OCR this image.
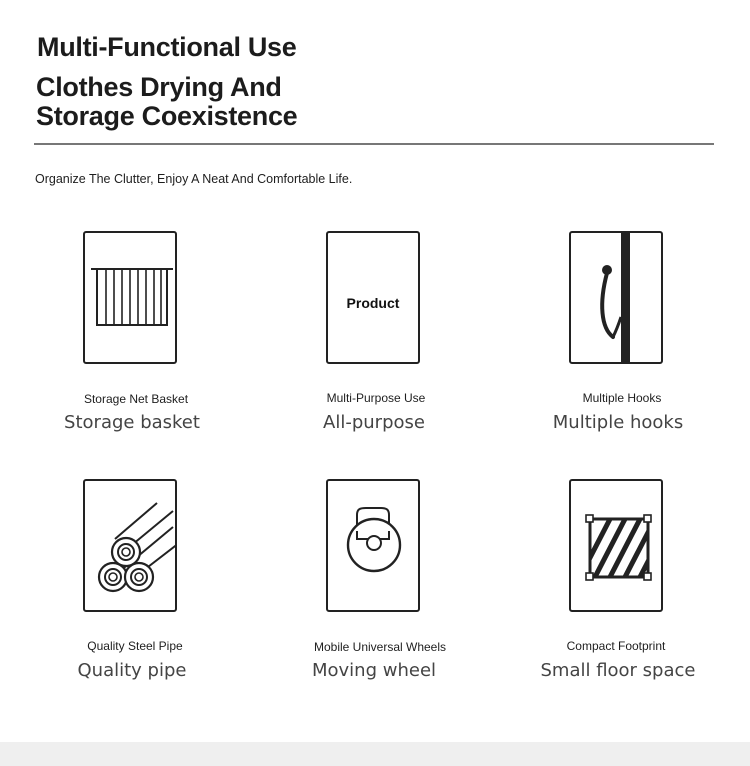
Multi-Functional Use
Clothes Drying And Storage Coexistence
Organize The Clutter, Enjoy A Neat And Comfortable Life.
Storage Net Basket
Storage basket
Product
Multi-Purpose Use
All-purpose
Multiple Hooks
Multiple hooks
Quality Steel Pipe
Quality pipe
Mobile Universal Wheels
Moving wheel
Compact Footprint
Small floor space
